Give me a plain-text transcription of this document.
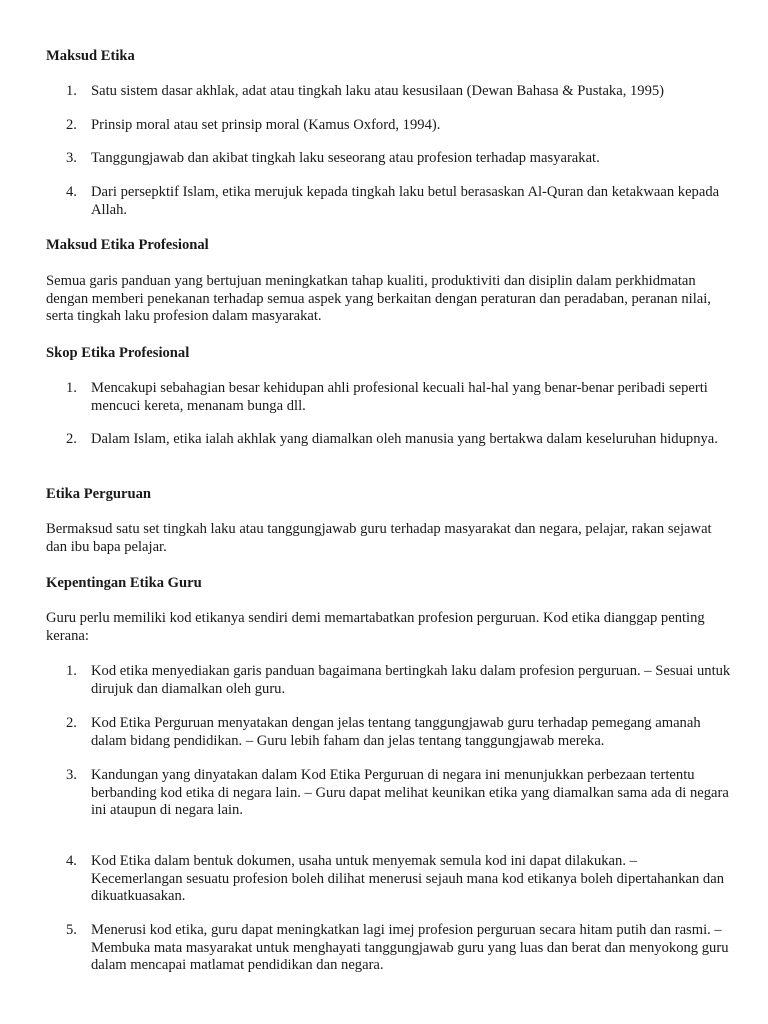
Maksud Etika
1. Satu sistem dasar akhlak, adat atau tingkah laku atau kesusilaan (Dewan Bahasa & Pustaka, 1995)
2. Prinsip moral atau set prinsip moral (Kamus Oxford, 1994).
3. Tanggungjawab dan akibat tingkah laku seseorang atau profesion terhadap masyarakat.
4. Dari persepktif Islam, etika merujuk kepada tingkah laku betul berasaskan Al-Quran dan ketakwaan kepada Allah.
Maksud Etika Profesional
Semua garis panduan yang bertujuan meningkatkan tahap kualiti, produktiviti dan disiplin dalam perkhidmatan dengan memberi penekanan terhadap semua aspek yang berkaitan dengan peraturan dan peradaban, peranan nilai, serta tingkah laku profesion dalam masyarakat.
Skop Etika Profesional
1. Mencakupi sebahagian besar kehidupan ahli profesional kecuali hal-hal yang benar-benar peribadi seperti mencuci kereta, menanam bunga dll.
2. Dalam Islam, etika ialah akhlak yang diamalkan oleh manusia yang bertakwa dalam keseluruhan hidupnya.
Etika Perguruan
Bermaksud satu set tingkah laku atau tanggungjawab guru terhadap masyarakat dan negara, pelajar, rakan sejawat dan ibu bapa pelajar.
Kepentingan Etika Guru
Guru perlu memiliki kod etikanya sendiri demi memartabatkan profesion perguruan. Kod etika dianggap penting kerana:
1. Kod etika menyediakan garis panduan bagaimana bertingkah laku dalam profesion perguruan. – Sesuai untuk dirujuk dan diamalkan oleh guru.
2. Kod Etika Perguruan menyatakan dengan jelas tentang tanggungjawab guru terhadap pemegang amanah dalam bidang pendidikan. – Guru lebih faham dan jelas tentang tanggungjawab mereka.
3. Kandungan yang dinyatakan dalam Kod Etika Perguruan di negara ini menunjukkan perbezaan tertentu berbanding kod etika di negara lain. – Guru dapat melihat keunikan etika yang diamalkan sama ada di negara ini ataupun di negara lain.
4. Kod Etika dalam bentuk dokumen, usaha untuk menyemak semula kod ini dapat dilakukan. – Kecemerlangan sesuatu profesion boleh dilihat menerusi sejauh mana kod etikanya boleh dipertahankan dan dikuatkuasakan.
5. Menerusi kod etika, guru dapat meningkatkan lagi imej profesion perguruan secara hitam putih dan rasmi. – Membuka mata masyarakat untuk menghayati tanggungjawab guru yang luas dan berat dan menyokong guru dalam mencapai matlamat pendidikan dan negara.
